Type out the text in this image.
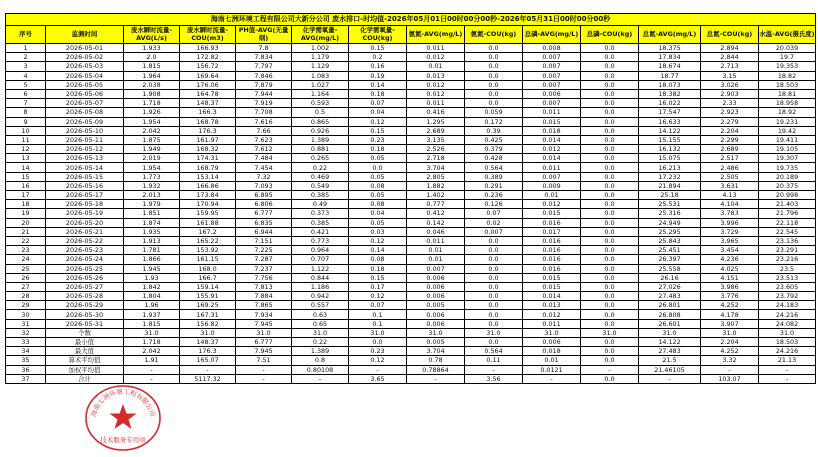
海南七洲环境工程有限公司大新分公司 废水排口-时均值-2026年05月01日00时00分00秒-2026年05月31日00时00分00秒													
序号	监测时间	废水瞬时流量-AVG(L/s)	废水瞬时流量-COU(m3)	PH值-AVG(无量纲)	化学需氧量-AVG(mg/L)	化学需氧量-COU(kg)	氨氮-AVG(mg/L)	氨氮-COU(kg)	总磷-AVG(mg/L)	总磷-COU(kg)	总氮-AVG(mg/L)	总氮-COU(kg)	水温-AVG(摄氏度)
1	2026-05-01	1.933	166.93	7.8	1.002	0.15	0.011	0.0	0.008	0.0	18.375	2.894	20.039
2	2026-05-02	2.0	172.82	7.834	1.179	0.2	0.012	0.0	0.007	0.0	17.834	2.844	19.7
3	2026-05-03	1.815	156.72	7.797	1.129	0.16	0.01	0.0	0.007	0.0	18.674	2.713	19.353
4	2026-05-04	1.964	169.64	7.846	1.083	0.19	0.013	0.0	0.007	0.0	18.77	3.15	18.82
5	2026-05-05	2.038	176.06	7.879	1.027	0.14	0.012	0.0	0.007	0.0	18.073	3.026	18.503
6	2026-05-06	1.908	164.78	7.944	1.164	0.18	0.012	0.0	0.006	0.0	18.382	2.903	18.81
7	2026-05-07	1.718	148.37	7.919	0.593	0.07	0.011	0.0	0.007	0.0	16.022	2.33	18.958
8	2026-05-08	1.926	166.3	7.708	0.5	0.04	0.416	0.059	0.011	0.0	17.547	2.923	18.92
9	2026-05-09	1.954	168.78	7.616	0.865	0.12	1.295	0.172	0.015	0.0	16.633	2.279	19.231
10	2026-05-10	2.042	176.3	7.66	0.926	0.15	2.689	0.39	0.018	0.0	14.122	2.204	19.42
11	2026-05-11	1.875	161.97	7.623	1.389	0.23	3.135	0.425	0.014	0.0	15.155	2.299	19.411
12	2026-05-12	1.949	168.32	7.612	0.881	0.18	2.526	0.379	0.012	0.0	16.132	2.689	19.105
13	2026-05-13	2.019	174.31	7.484	0.265	0.05	2.718	0.428	0.014	0.0	15.075	2.517	19.307
14	2026-05-14	1.954	168.79	7.454	0.22	0.0	3.704	0.564	0.011	0.0	16.213	2.486	19.735
15	2026-05-15	1.773	153.14	7.32	0.469	0.05	2.805	0.389	0.007	0.0	17.232	2.505	20.189
16	2026-05-16	1.932	166.86	7.093	0.549	0.08	1.882	0.291	0.009	0.0	21.894	3.631	20.375
17	2026-05-17	2.013	173.84	6.895	0.385	0.05	1.402	0.236	0.01	0.0	25.18	4.13	20.998
18	2026-05-18	1.979	170.94	6.806	0.49	0.08	0.777	0.126	0.012	0.0	25.531	4.104	21.403
19	2026-05-19	1.851	159.95	6.777	0.373	0.04	0.412	0.07	0.015	0.0	25.316	3.783	21.796
20	2026-05-20	1.874	161.88	6.835	0.385	0.05	0.142	0.02	0.016	0.0	24.949	3.996	22.118
21	2026-05-21	1.935	167.2	6.944	0.421	0.03	0.046	0.007	0.017	0.0	25.295	3.729	22.545
22	2026-05-22	1.913	165.22	7.151	0.773	0.12	0.011	0.0	0.016	0.0	25.843	3.965	23.136
23	2026-05-23	1.781	153.92	7.225	0.964	0.14	0.01	0.0	0.016	0.0	25.451	3.454	23.291
24	2026-05-24	1.866	161.15	7.287	0.707	0.08	0.01	0.0	0.016	0.0	26.397	4.236	23.216
25	2026-05-25	1.945	168.0	7.237	1.122	0.18	0.007	0.0	0.016	0.0	25.558	4.025	23.5
26	2026-05-26	1.93	166.7	7.756	0.844	0.15	0.006	0.0	0.015	0.0	26.16	4.151	23.513
27	2026-05-27	1.842	159.14	7.813	1.186	0.17	0.006	0.0	0.015	0.0	27.026	3.986	23.605
28	2026-05-28	1.804	155.91	7.884	0.942	0.12	0.006	0.0	0.014	0.0	27.483	3.776	23.792
29	2026-05-29	1.96	169.25	7.865	0.557	0.07	0.005	0.0	0.013	0.0	26.801	4.252	24.183
30	2026-05-30	1.937	167.31	7.934	0.63	0.1	0.006	0.0	0.012	0.0	26.808	4.178	24.216
31	2026-05-31	1.815	156.82	7.945	0.65	0.1	0.006	0.0	0.011	0.0	26.601	3.907	24.082
32	个数	31.0	31.0	31.0	31.0	31.0	31.0	31.0	31.0	31.0	31.0	31.0	31.0
33	最小值	1.718	148.37	6.777	0.22	0.0	0.005	0.0	0.006	0.0	14.122	2.204	18.503
34	最大值	2.042	176.3	7.945	1.389	0.23	3.704	0.564	0.018	0.0	27.483	4.252	24.216
35	算术平均值	1.91	165.07	7.51	0.8	0.12	0.78	0.11	0.01	0.0	21.5	3.32	21.13
36	加权平均值	-	-	-	0.80108	-	0.78864	-	0.0121	-	21.46105	-	-
37	合计	-	5117.32	-	-	3.65	-	3.56	-	0.0	-	103.07	-
海南七洲环境工程有限公司
技术服务专用章
